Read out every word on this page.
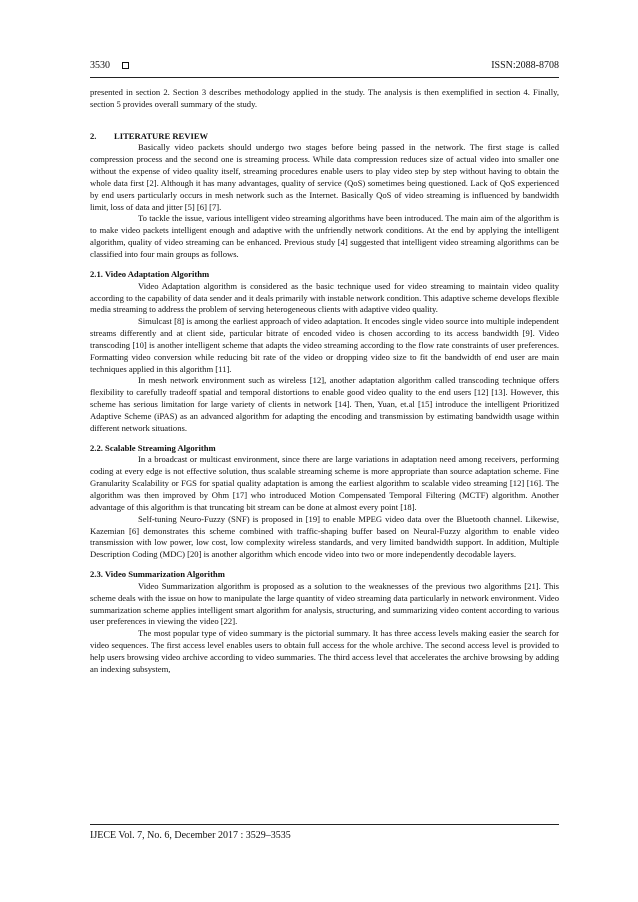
3530	ISSN:2088-8708

presented in section 2. Section 3 describes methodology applied in the study. The analysis is then exemplified in section 4. Finally, section 5 provides overall summary of the study.

2. LITERATURE REVIEW

Basically video packets should undergo two stages before being passed in the network. The first stage is called compression process and the second one is streaming process. While data compression reduces size of actual video into smaller one without the expense of video quality itself, streaming procedures enable users to play video step by step without having to obtain the whole data first [2]. Although it has many advantages, quality of service (QoS) sometimes being questioned. Lack of QoS experienced by end users particularly occurs in mesh network such as the Internet. Basically QoS of video streaming is influenced by bandwidth limit, loss of data and jitter [5] [6] [7].

To tackle the issue, various intelligent video streaming algorithms have been introduced. The main aim of the algorithm is to make video packets intelligent enough and adaptive with the unfriendly network conditions. At the end by applying the intelligent algorithm, quality of video streaming can be enhanced. Previous study [4] suggested that intelligent video streaming algorithms can be classified into four main groups as follows.

2.1. Video Adaptation Algorithm

Video Adaptation algorithm is considered as the basic technique used for video streaming to maintain video quality according to the capability of data sender and it deals primarily with instable network condition. This adaptive scheme develops flexible media streaming to address the problem of serving heterogeneous clients with adaptive video quality.

Simulcast [8] is among the earliest approach of video adaptation. It encodes single video source into multiple independent streams differently and at client side, particular bitrate of encoded video is chosen according to its access bandwidth [9]. Video transcoding [10] is another intelligent scheme that adapts the video streaming according to the flow rate constraints of user preferences. Formatting video conversion while reducing bit rate of the video or dropping video size to fit the bandwidth of end user are main techniques applied in this algorithm [11].

In mesh network environment such as wireless [12], another adaptation algorithm called transcoding technique offers flexibility to carefully tradeoff spatial and temporal distortions to enable good video quality to the end users [12] [13]. However, this scheme has serious limitation for large variety of clients in network [14]. Then, Yuan, et.al [15] introduce the intelligent Prioritized Adaptive Scheme (iPAS) as an advanced algorithm for adapting the encoding and transmission by estimating bandwidth usage within different network situations.

2.2. Scalable Streaming Algorithm

In a broadcast or multicast environment, since there are large variations in adaptation need among receivers, performing coding at every edge is not effective solution, thus scalable streaming scheme is more appropriate than source adaptation scheme. Fine Granularity Scalability or FGS for spatial quality adaptation is among the earliest algorithm to scalable video streaming [12] [16]. The algorithm was then improved by Ohm [17] who introduced Motion Compensated Temporal Filtering (MCTF) algorithm. Another advantage of this algorithm is that truncating bit stream can be done at almost every point [18].

Self-tuning Neuro-Fuzzy (SNF) is proposed in [19] to enable MPEG video data over the Bluetooth channel. Likewise, Kazemian [6] demonstrates this scheme combined with traffic-shaping buffer based on Neural-Fuzzy algorithm to enable video transmission with low power, low cost, low complexity wireless standards, and very limited bandwidth support. In addition, Multiple Description Coding (MDC) [20] is another algorithm which encode video into two or more independently decodable layers.

2.3. Video Summarization Algorithm

Video Summarization algorithm is proposed as a solution to the weaknesses of the previous two algorithms [21]. This scheme deals with the issue on how to manipulate the large quantity of video streaming data particularly in network environment. Video summarization scheme applies intelligent smart algorithm for analysis, structuring, and summarizing video content according to various user preferences in viewing the video [22].

The most popular type of video summary is the pictorial summary. It has three access levels making easier the search for video sequences. The first access level enables users to obtain full access for the whole archive. The second access level is provided to help users browsing video archive according to video summaries. The third access level that accelerates the archive browsing by adding an indexing subsystem,

IJECE Vol. 7, No. 6, December 2017 : 3529–3535
